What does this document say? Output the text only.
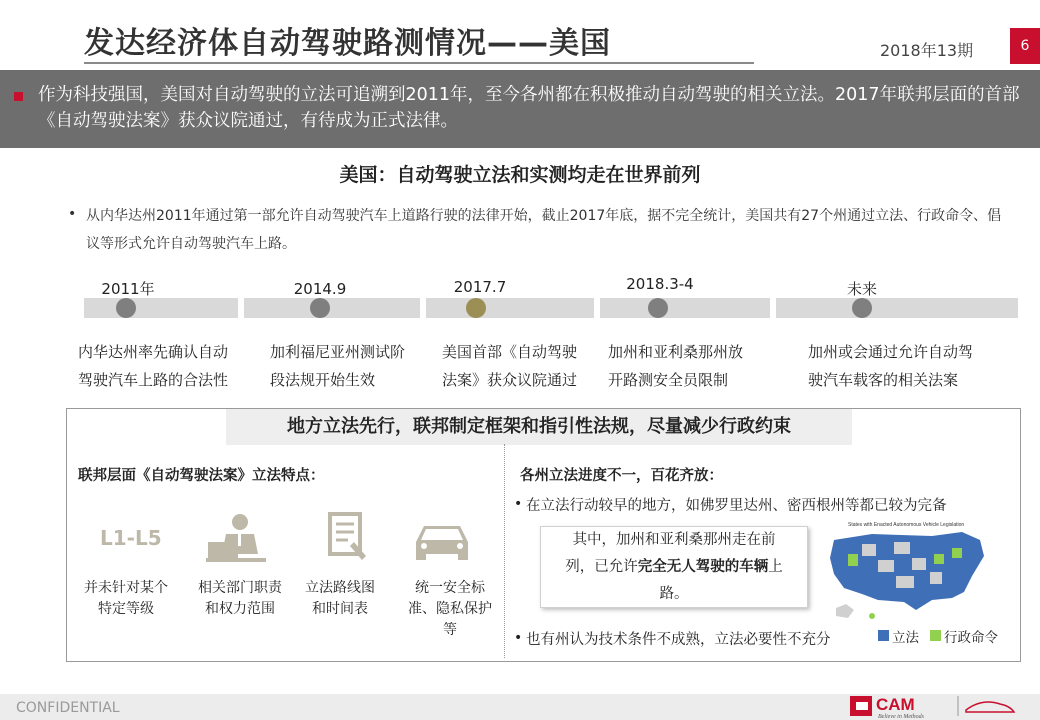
发达经济体自动驾驶路测情况——美国	2018年13期	6
作为科技强国，美国对自动驾驶的立法可追溯到2011年，至今各州都在积极推动自动驾驶的相关立法。2017年联邦层面的首部《自动驾驶法案》获众议院通过，有待成为正式法律。
美国：自动驾驶立法和实测均走在世界前列
• 从内华达州2011年通过第一部允许自动驾驶汽车上道路行驶的法律开始，截止2017年底，据不完全统计，美国共有27个州通过立法、行政命令、倡议等形式允许自动驾驶汽车上路。
2011年	2014.9	2017.7	2018.3-4	未来
内华达州率先确认自动
驾驶汽车上路的合法性
加利福尼亚州测试阶
段法规开始生效
美国首部《自动驾驶
法案》获众议院通过
加州和亚利桑那州放
开路测安全员限制
加州或会通过允许自动驾
驶汽车载客的相关法案
地方立法先行，联邦制定框架和指引性法规，尽量减少行政约束
联邦层面《自动驾驶法案》立法特点：
L1-L5
并未针对某个
特定等级
相关部门职责
和权力范围
立法路线图
和时间表
统一安全标
准、隐私保护
等
各州立法进度不一，百花齐放：
• 在立法行动较早的地方，如佛罗里达州、密西根州等都已较为完备
其中，加州和亚利桑那州走在前
列，已允许完全无人驾驶的车辆上
路。
States with Enacted Autonomous Vehicle Legislation
• 也有州认为技术条件不成熟，立法必要性不充分	立法 行政命令
CONFIDENTIAL	CAM
Believe in Methods
